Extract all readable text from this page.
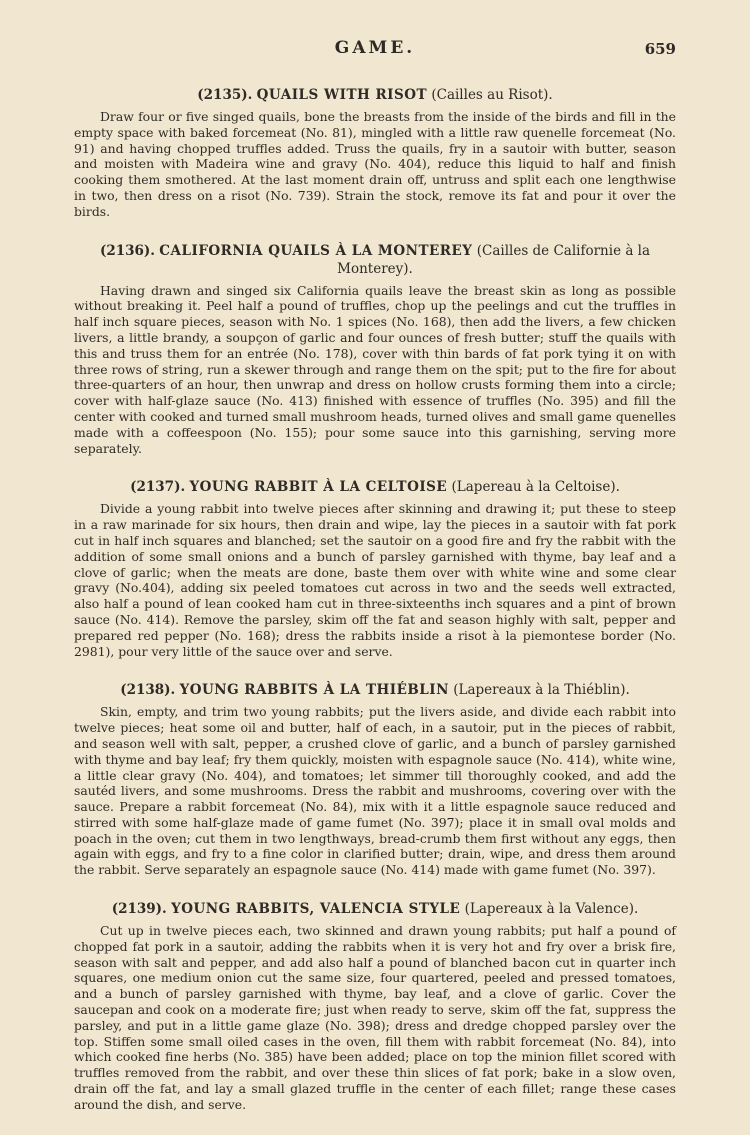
GAME.	659
(2135). QUAILS WITH RISOT (Cailles au Risot).

Draw four or five singed quails, bone the breasts from the inside of the birds and fill in the empty space with baked forcemeat (No. 81), mingled with a little raw quenelle forcemeat (No. 91) and having chopped truffles added. Truss the quails, fry in a sautoir with butter, season and moisten with Madeira wine and gravy (No. 404), reduce this liquid to half and finish cooking them smothered. At the last moment drain off, untruss and split each one lengthwise in two, then dress on a risot (No. 739). Strain the stock, remove its fat and pour it over the birds.

(2136). CALIFORNIA QUAILS À LA MONTEREY (Cailles de Californie à la Monterey).

Having drawn and singed six California quails leave the breast skin as long as possible without breaking it. Peel half a pound of truffles, chop up the peelings and cut the truffles in half inch square pieces, season with No. 1 spices (No. 168), then add the livers, a few chicken livers, a little brandy, a soupçon of garlic and four ounces of fresh butter; stuff the quails with this and truss them for an entrée (No. 178), cover with thin bards of fat pork tying it on with three rows of string, run a skewer through and range them on the spit; put to the fire for about three-quarters of an hour, then unwrap and dress on hollow crusts forming them into a circle; cover with half-glaze sauce (No. 413) finished with essence of truffles (No. 395) and fill the center with cooked and turned small mushroom heads, turned olives and small game quenelles made with a coffeespoon (No. 155); pour some sauce into this garnishing, serving more separately.

(2137). YOUNG RABBIT À LA CELTOISE (Lapereau à la Celtoise).

Divide a young rabbit into twelve pieces after skinning and drawing it; put these to steep in a raw marinade for six hours, then drain and wipe, lay the pieces in a sautoir with fat pork cut in half inch squares and blanched; set the sautoir on a good fire and fry the rabbit with the addition of some small onions and a bunch of parsley garnished with thyme, bay leaf and a clove of garlic; when the meats are done, baste them over with white wine and some clear gravy (No.404), adding six peeled tomatoes cut across in two and the seeds well extracted, also half a pound of lean cooked ham cut in three-sixteenths inch squares and a pint of brown sauce (No. 414). Remove the parsley, skim off the fat and season highly with salt, pepper and prepared red pepper (No. 168); dress the rabbits inside a risot à la piemontese border (No. 2981), pour very little of the sauce over and serve.

(2138). YOUNG RABBITS À LA THIÉBLIN (Lapereaux à la Thiéblin).

Skin, empty, and trim two young rabbits; put the livers aside, and divide each rabbit into twelve pieces; heat some oil and butter, half of each, in a sautoir, put in the pieces of rabbit, and season well with salt, pepper, a crushed clove of garlic, and a bunch of parsley garnished with thyme and bay leaf; fry them quickly, moisten with espagnole sauce (No. 414), white wine, a little clear gravy (No. 404), and tomatoes; let simmer till thoroughly cooked, and add the sautéd livers, and some mushrooms. Dress the rabbit and mushrooms, covering over with the sauce. Prepare a rabbit forcemeat (No. 84), mix with it a little espagnole sauce reduced and stirred with some half-glaze made of game fumet (No. 397); place it in small oval molds and poach in the oven; cut them in two lengthways, bread-crumb them first without any eggs, then again with eggs, and fry to a fine color in clarified butter; drain, wipe, and dress them around the rabbit. Serve separately an espagnole sauce (No. 414) made with game fumet (No. 397).

(2139). YOUNG RABBITS, VALENCIA STYLE (Lapereaux à la Valence).

Cut up in twelve pieces each, two skinned and drawn young rabbits; put half a pound of chopped fat pork in a sautoir, adding the rabbits when it is very hot and fry over a brisk fire, season with salt and pepper, and add also half a pound of blanched bacon cut in quarter inch squares, one medium onion cut the same size, four quartered, peeled and pressed tomatoes, and a bunch of parsley garnished with thyme, bay leaf, and a clove of garlic. Cover the saucepan and cook on a moderate fire; just when ready to serve, skim off the fat, suppress the parsley, and put in a little game glaze (No. 398); dress and dredge chopped parsley over the top. Stiffen some small oiled cases in the oven, fill them with rabbit forcemeat (No. 84), into which cooked fine herbs (No. 385) have been added; place on top the minion fillet scored with truffles removed from the rabbit, and over these thin slices of fat pork; bake in a slow oven, drain off the fat, and lay a small glazed truffle in the center of each fillet; range these cases around the dish, and serve.
